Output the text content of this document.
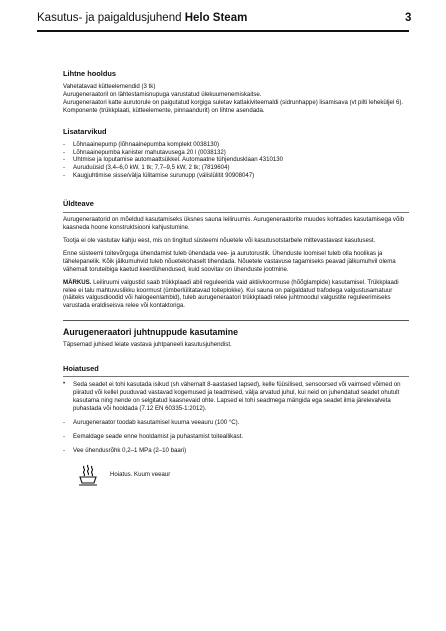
Kasutus- ja paigaldusjuhend Helo Steam	3
Lihtne hooldus

Vahetatavad kütteelemendid (3 tk)

Aurugeneraatoril on lähtestamisnupuga varustatud ülekuumenemiskaitse.

Aurugeneraatori katte aurutorule on paigutatud korgiga suletav katlakiviteemaldi (sidrunhappe) lisamisava (vt pilti leheküljel 6).

Komponente (trükkplaati, kütteelemente, pinnaandurit) on lihtne asendada.

Lisatarvikud
- Lõhnaainepump (lõhnaainepumba komplekt 0038130)
- Lõhnaainepumba kanister mahutavusega 20 l (0038132)
- Uhtmise ja loputamise automaattsükkel. Automaatne tühjendusklaan 4310130
- Auruduüsid (3,4–6,0 kW, 1 tk; 7,7–9,5 kW, 2 tk; (7819604)
- Kaugjuhtimise sisse/välja lülitamise surunupp (välislülitit 90908047)
Üldteave

Aurugeneraatorid on mõeldud kasutamiseks üksnes sauna leiliruumis. Aurugeneraatorite muudes kohtades kasutamisega võib kaasneda hoone konstruktsiooni kahjustumine.

Tootja ei ole vastutav kahju eest, mis on tingitud süsteemi nõuetele või kasutusotstarbele mittevastavast kasutusest.

Enne süsteemi toitevõrguga ühendamist tuleb ühendada vee- ja aurutorustik. Ühenduste loomisel tuleb olla hoolikas ja tähelepanelik. Kõik jälkumuhvid tuleb nõuetekohaselt tihendada. Nõuetele vastavuse tagamiseks peavad jälkumuhvil olema vähemalt toruteibiga kaetud keerdühendused, kuid soovitav on ühenduste jootmine.

MÄRKUS. Leiliruumi valgustid saab trükkplaadi abil reguleerida vaid aktiivkoormuse (hõõglampide) kasutamisel. Trükkplaadi relee ei talu mahtuvuslikku koormust (ümberlülitatavad toiteplokke). Kui sauna on paigaldatud trafodega valgustusamatuur (näiteks valgusdioodid või halogeenlambid), tuleb aurugeneraatori trükkplaadi relee juhtmoodul valgustite reguleerimiseks varustada eraldiseisva relee või kontaktoriga.

Aurugeneraatori juhtnuppude kasutamine

Täpsemad juhised leiate vastava juhtpaneeli kasutusjuhendist.

Hoiatused
• Seda seadet ei tohi kasutada isikud (sh vähemalt 8-aastased lapsed), kelle füüsilised, sensoorsed või vaimsed võimed on piiratud või kellel puuduvad vastavad kogemused ja teadmised, välja arvatud juhul, kui neid on juhendatud seadet ohutult kasutama ning nende on selgitatud kaasnevaid ohte. Lapsed ei tohi seadmega mängida ega seadet ilma järelevalveta puhastada või hooldada (7.12 EN 60335-1:2012).
- Aurugeneraator toodab kasutamisel kuuma veeauru (100 °C).
- Eemaldage seade enne hooldamist ja puhastamist toiteallikast.
- Vee ühendusrõhk 0,2–1 MPa (2–10 baari)
Hoiatus. Kuum veeaur
